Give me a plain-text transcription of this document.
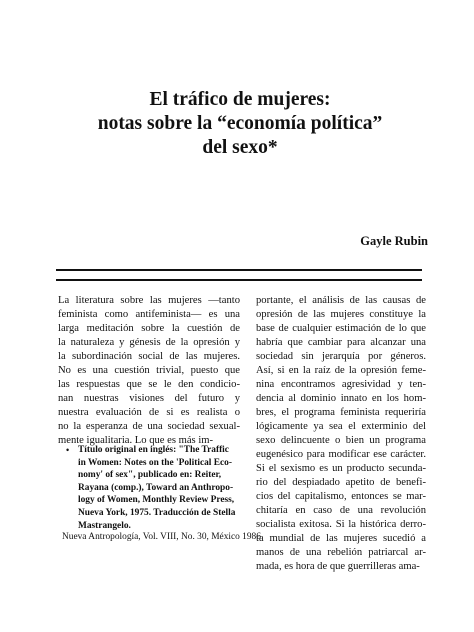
El tráfico de mujeres:
notas sobre la “economía política”
del sexo*

Gayle Rubin

La literatura sobre las mujeres —tanto
feminista como antifeminista— es una
larga meditación sobre la cuestión de
la naturaleza y génesis de la opresión y
la subordinación social de las mujeres.
No es una cuestión trivial, puesto que
las respuestas que se le den condicio-
nan nuestras visiones del futuro y
nuestra evaluación de si es realista o
no la esperanza de una sociedad sexual-
mente igualitaria. Lo que es más im-
portante, el análisis de las causas de
opresión de las mujeres constituye la
base de cualquier estimación de lo que
habría que cambiar para alcanzar una
sociedad sin jerarquía por géneros.
Así, si en la raíz de la opresión feme-
nina encontramos agresividad y ten-
dencia al dominio innato en los hom-
bres, el programa feminista requeriría
lógicamente ya sea el exterminio del
sexo delincuente o bien un programa
eugenésico para modificar ese carácter.
Si el sexismo es un producto secunda-
rio del despiadado apetito de benefi-
cios del capitalismo, entonces se mar-
chitaría en caso de una revolución
socialista exitosa. Si la histórica derro-
ta mundial de las mujeres sucedió a
manos de una rebelión patriarcal ar-
mada, es hora de que guerrilleras ama-
• Título original en inglés: "The Traffic
in Women: Notes on the 'Political Eco-
nomy' of sex", publicado en: Reiter,
Rayana (comp.), Toward an Anthropo-
logy of Women, Monthly Review Press,
Nueva York, 1975. Traducción de Stella
Mastrangelo.
Nueva Antropología, Vol. VIII, No. 30, México 1986
